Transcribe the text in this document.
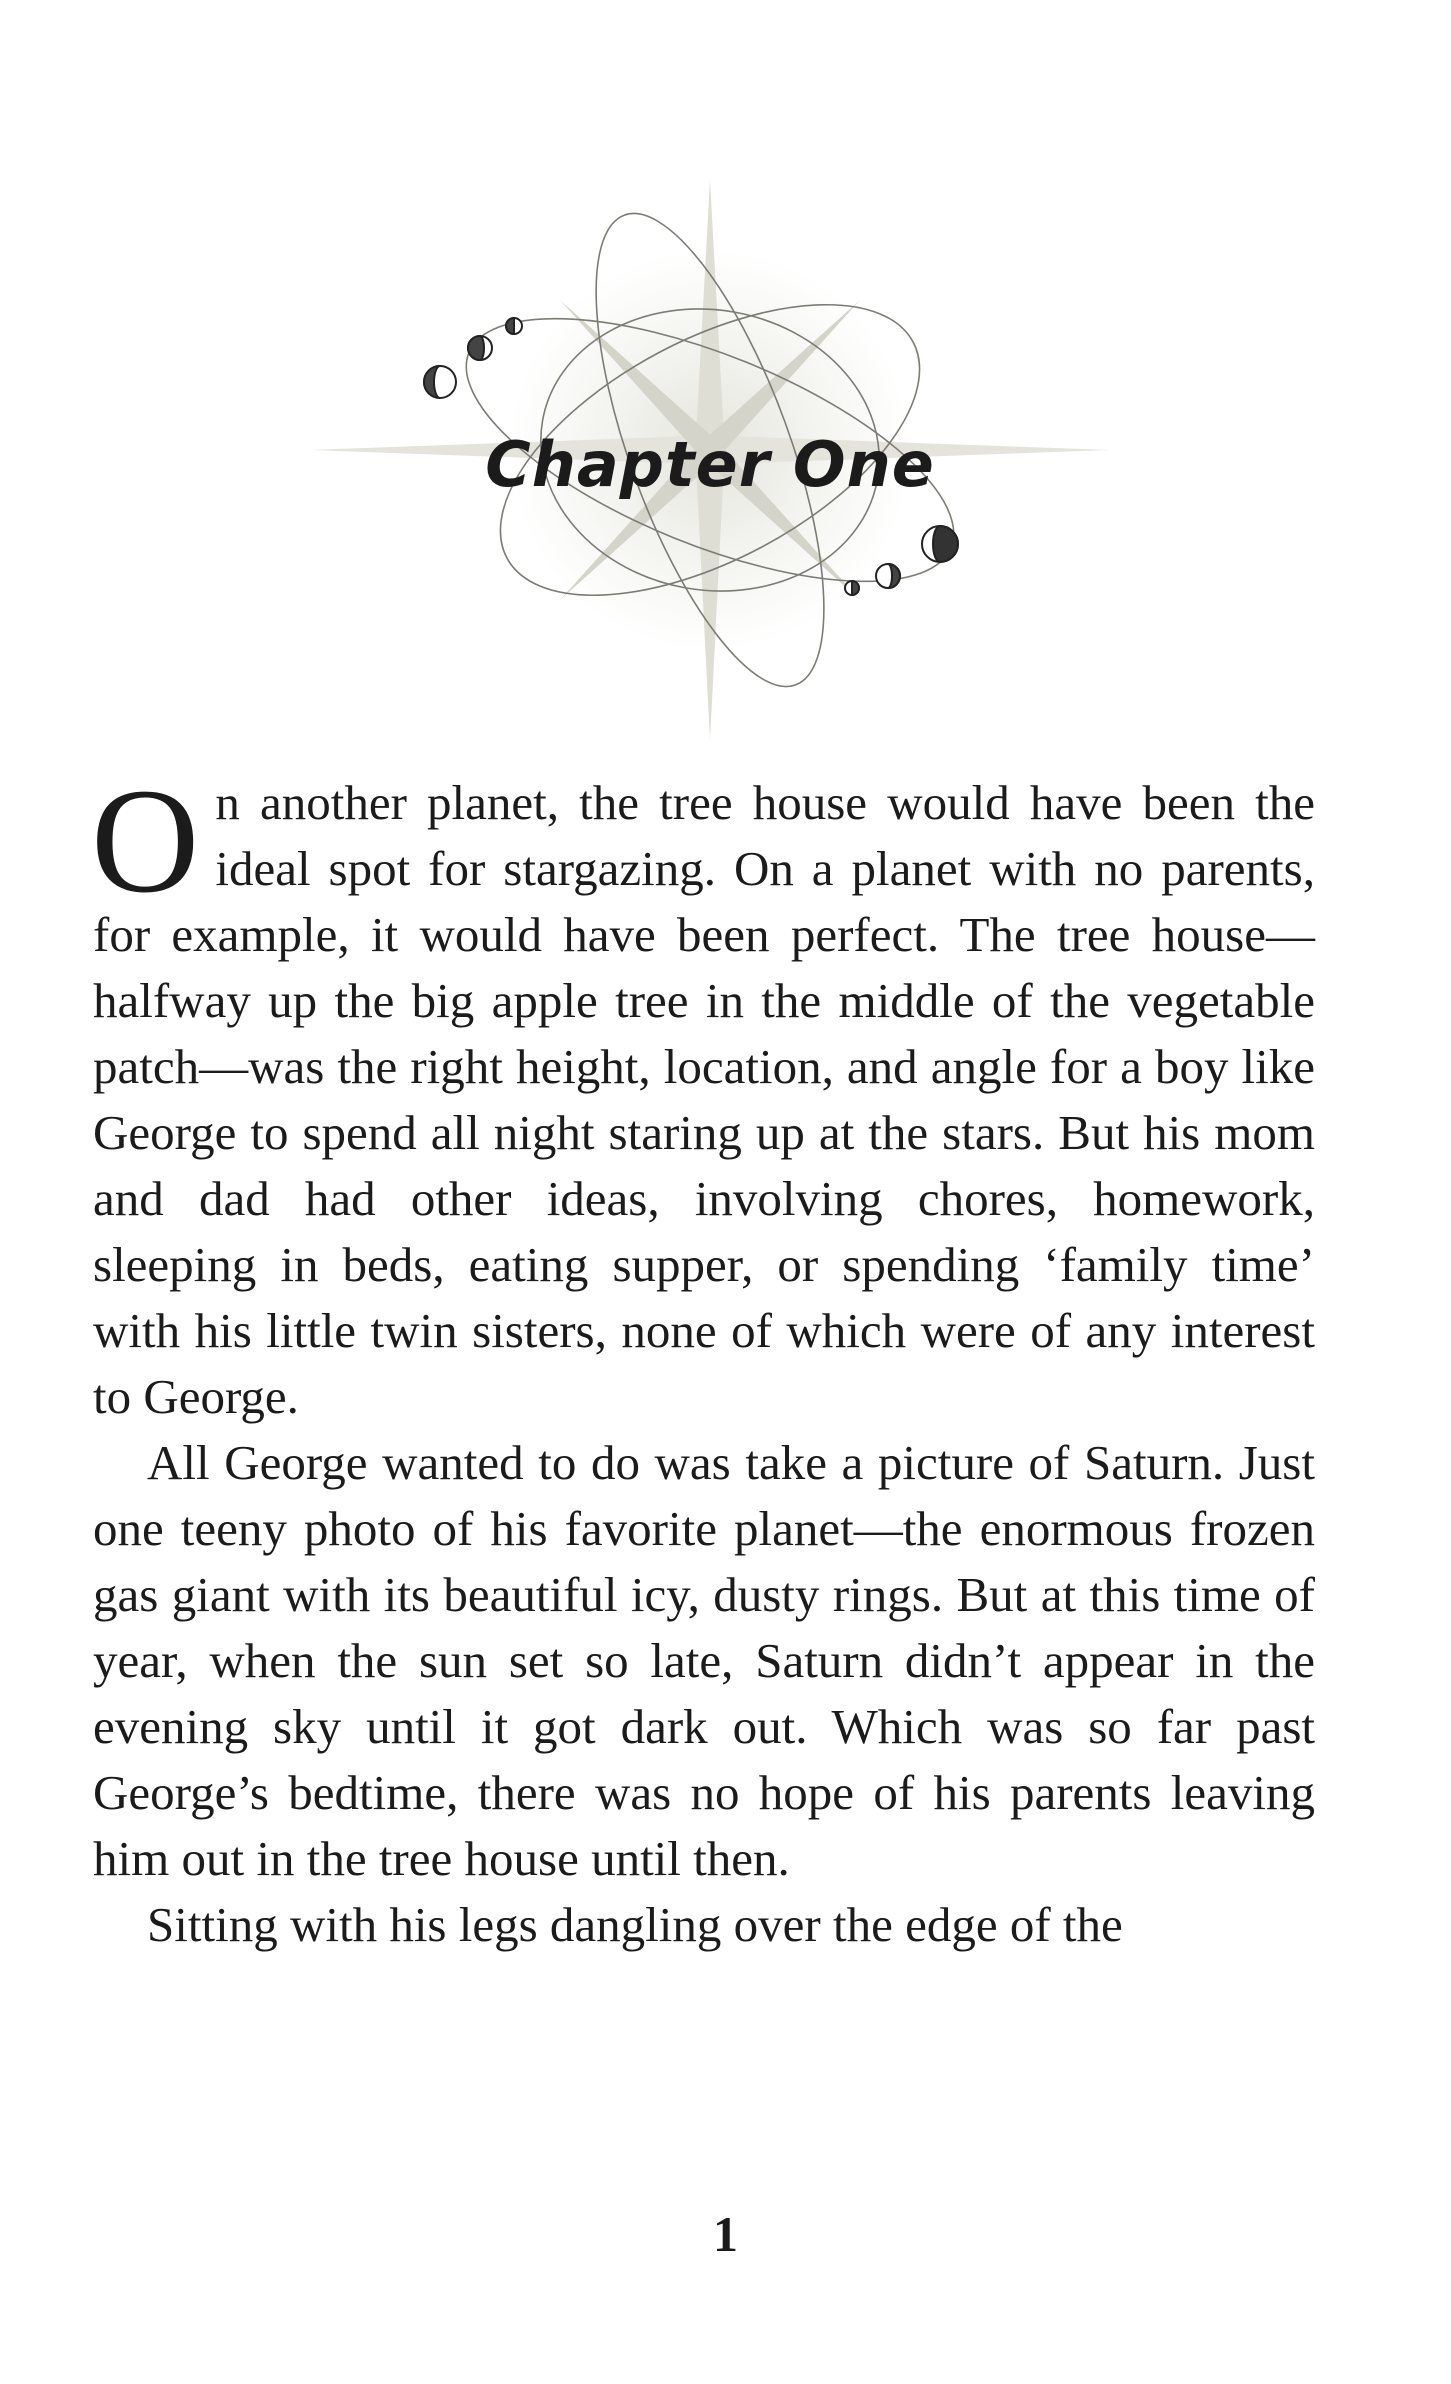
Chapter One

On another planet, the tree house would have been the ideal spot for stargazing. On a planet with no parents, for example, it would have been perfect. The tree house—halfway up the big apple tree in the middle of the vegetable patch—was the right height, location, and angle for a boy like George to spend all night staring up at the stars. But his mom and dad had other ideas, involving chores, homework, sleeping in beds, eating supper, or spending ‘family time’ with his little twin sisters, none of which were of any interest to George.

All George wanted to do was take a picture of Saturn. Just one teeny photo of his favorite planet—the enormous frozen gas giant with its beautiful icy, dusty rings. But at this time of year, when the sun set so late, Saturn didn’t appear in the evening sky until it got dark out. Which was so far past George’s bedtime, there was no hope of his parents leaving him out in the tree house until then.

Sitting with his legs dangling over the edge of the

1
